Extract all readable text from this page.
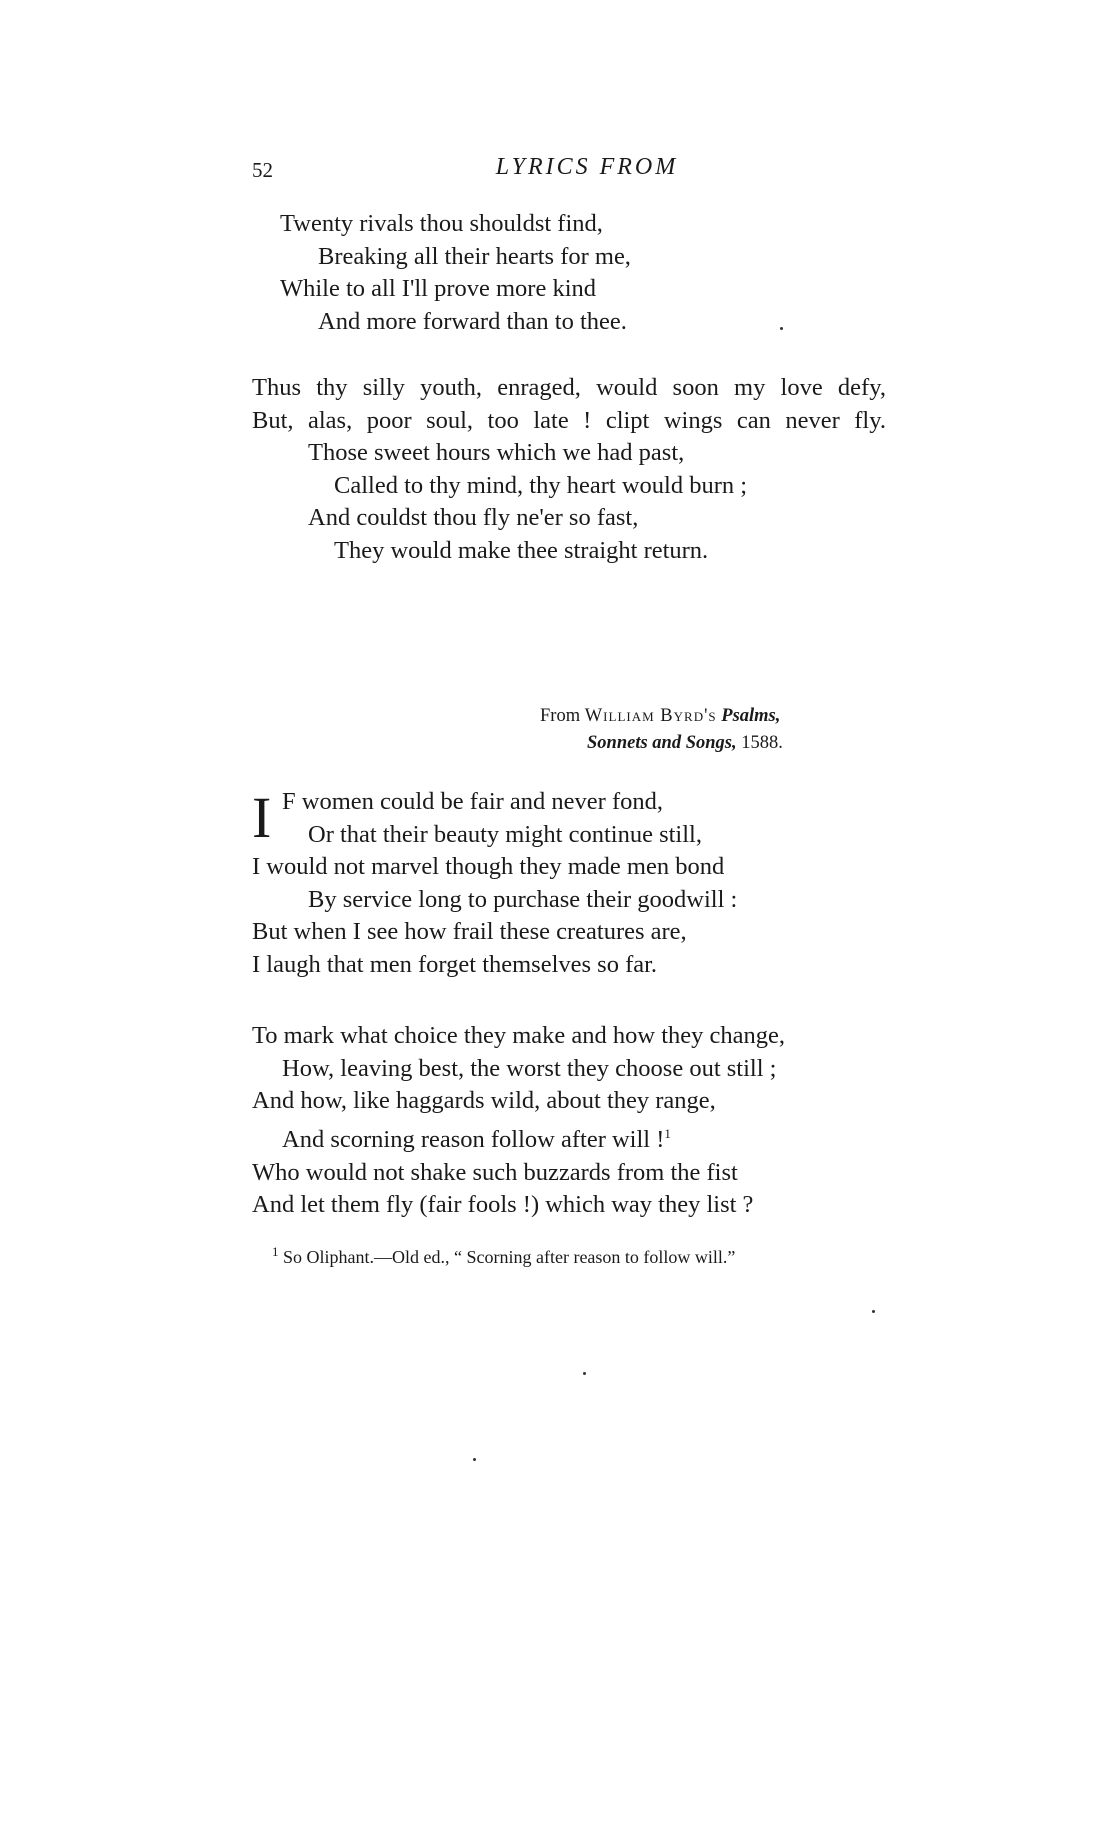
52	LYRICS FROM
Twenty rivals thou shouldst find,
Breaking all their hearts for me,
While to all I'll prove more kind
And more forward than to thee.
Thus thy silly youth, enraged, would soon my love defy,
But, alas, poor soul, too late ! clipt wings can never fly.
Those sweet hours which we had past,
Called to thy mind, thy heart would burn ;
And couldst thou fly ne'er so fast,
They would make thee straight return.
From William Byrd's Psalms,
Sonnets and Songs, 1588.
I F women could be fair and never fond,
Or that their beauty might continue still,
I would not marvel though they made men bond
By service long to purchase their goodwill :
But when I see how frail these creatures are,
I laugh that men forget themselves so far.
To mark what choice they make and how they change,
How, leaving best, the worst they choose out still ;
And how, like haggards wild, about they range,
And scorning reason follow after will !$^1$
Who would not shake such buzzards from the fist
And let them fly (fair fools !) which way they list ?
$^1$ So Oliphant.—Old ed., “ Scorning after reason to follow will.”
